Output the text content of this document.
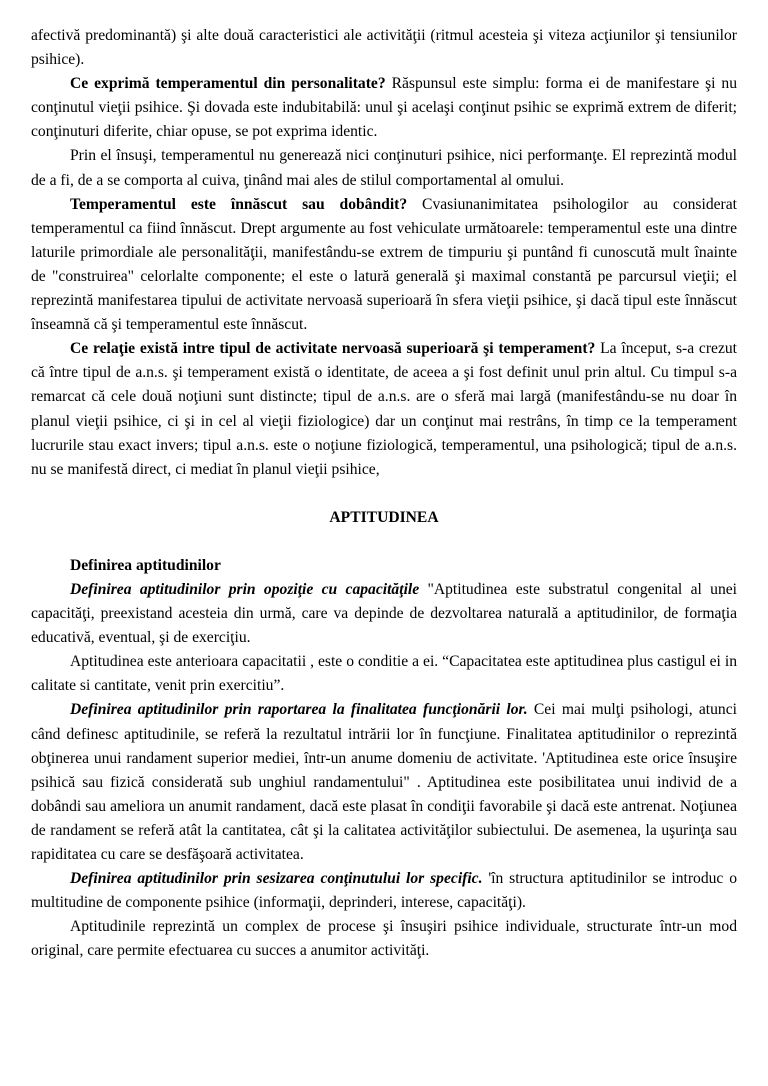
afectivă predominantă) şi alte două caracteristici ale activităţii (ritmul acesteia şi viteza acţiunilor şi tensiunilor psihice).

Ce exprimă temperamentul din personalitate? Răspunsul este simplu: forma ei de manifestare şi nu conţinutul vieţii psihice. Şi dovada este indubitabilă: unul şi acelaşi conţinut psihic se exprimă extrem de diferit; conţinuturi diferite, chiar opuse, se pot exprima identic.

Prin el însuşi, temperamentul nu generează nici conţinuturi psihice, nici performanţe. El reprezintă modul de a fi, de a se comporta al cuiva, ţinând mai ales de stilul comportamental al omului.

Temperamentul este înnăscut sau dobândit? Cvasiunanimitatea psihologilor au considerat temperamentul ca fiind înnăscut. Drept argumente au fost vehiculate următoarele: temperamentul este una dintre laturile primordiale ale personalităţii, manifestându-se extrem de timpuriu şi puntând fi cunoscută mult înainte de "construirea" celorlalte componente; el este o latură generală şi maximal constantă pe parcursul vieţii; el reprezintă manifestarea tipului de activitate nervoasă superioară în sfera vieţii psihice, şi dacă tipul este înnăscut înseamnă că şi temperamentul este înnăscut.

Ce relaţie există intre tipul de activitate nervoasă superioară şi temperament? La început, s-a crezut că între tipul de a.n.s. şi temperament există o identitate, de aceea a şi fost definit unul prin altul. Cu timpul s-a remarcat că cele două noţiuni sunt distincte; tipul de a.n.s. are o sferă mai largă (manifestându-se nu doar în planul vieţii psihice, ci şi in cel al vieţii fiziologice) dar un conţinut mai restrâns, în timp ce la temperament lucrurile stau exact invers; tipul a.n.s. este o noţiune fiziologică, temperamentul, una psihologică; tipul de a.n.s. nu se manifestă direct, ci mediat în planul vieţii psihice,

APTITUDINEA

Definirea aptitudinilor

Definirea aptitudinilor prin opoziţie cu capacităţile "Aptitudinea este substratul congenital al unei capacităţi, preexistand acesteia din urmă, care va depinde de dezvoltarea naturală a aptitudinilor, de formaţia educativă, eventual, şi de exerciţiu.

Aptitudinea este anterioara capacitatii , este o conditie a ei. “Capacitatea este aptitudinea plus castigul ei in calitate si cantitate, venit prin exercitiu”.

Definirea aptitudinilor prin raportarea la finalitatea funcţionării lor. Cei mai mulţi psihologi, atunci când definesc aptitudinile, se referă la rezultatul intrării lor în funcţiune. Finalitatea aptitudinilor o reprezintă obţinerea unui randament superior mediei, într-un anume domeniu de activitate. 'Aptitudinea este orice însuşire psihică sau fizică considerată sub unghiul randamentului" . Aptitudinea este posibilitatea unui individ de a dobândi sau ameliora un anumit randament, dacă este plasat în condiţii favorabile şi dacă este antrenat. Noţiunea de randament se referă atât la cantitatea, cât şi la calitatea activităţilor subiectului. De asemenea, la uşurinţa sau rapiditatea cu care se desfăşoară activitatea.

Definirea aptitudinilor prin sesizarea conţinutului lor specific. 'în structura aptitudinilor se introduc o multitudine de componente psihice (informaţii, deprinderi, interese, capacităţi).

Aptitudinile reprezintă un complex de procese şi însuşiri psihice individuale, structurate într-un mod original, care permite efectuarea cu succes a anumitor activităţi.
